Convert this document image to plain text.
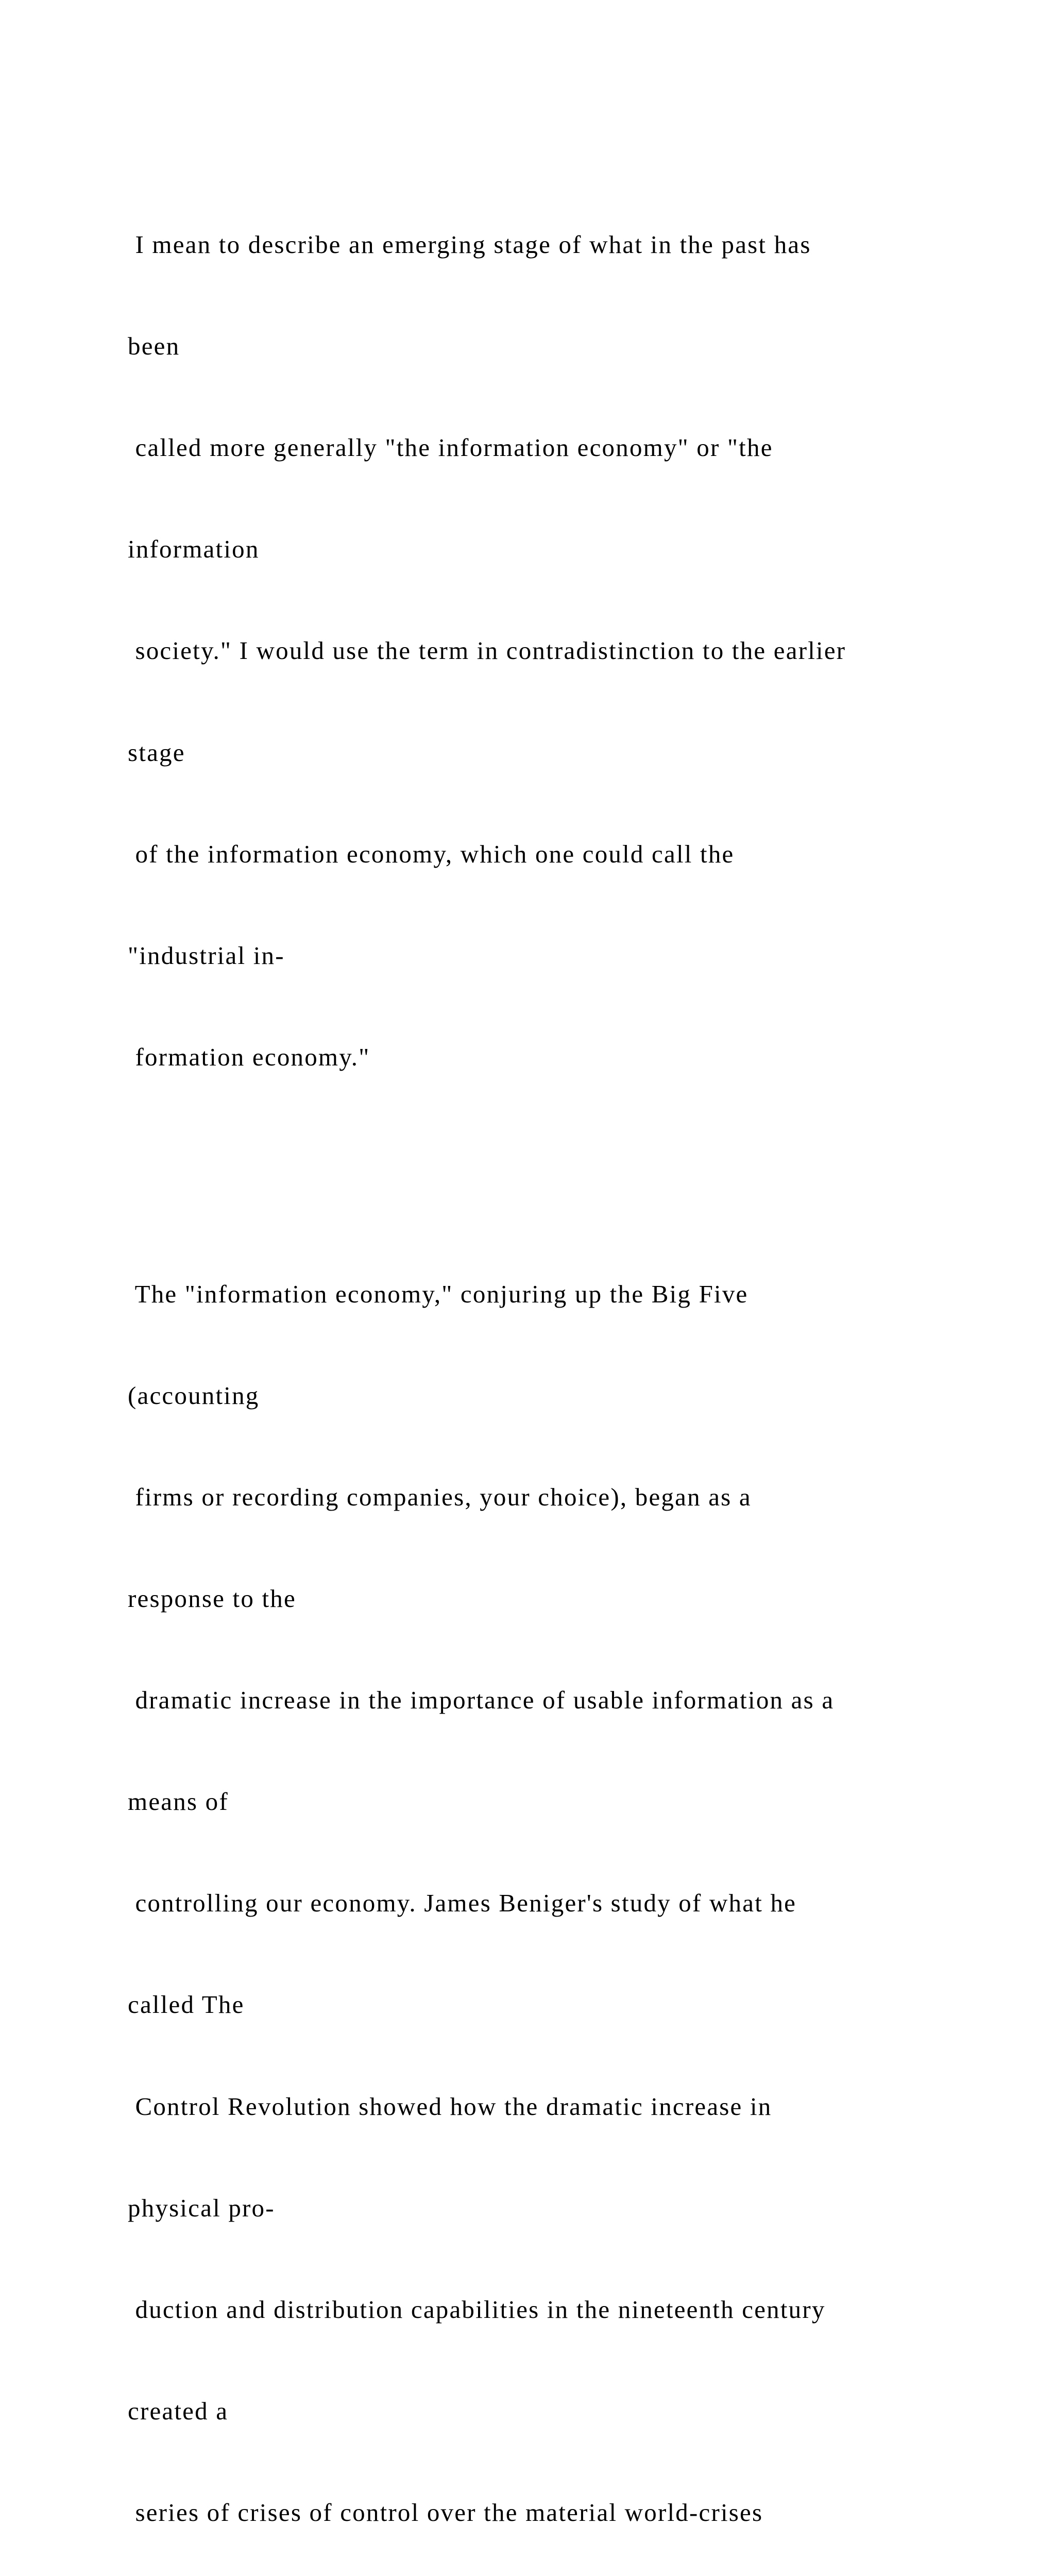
I mean to describe an emerging stage of what in the past has

been

called more generally "the information economy" or "the

information

society." I would use the term in contradistinction to the earlier

stage

of the information economy, which one could call the

"industrial in-

formation economy."

The "information economy," conjuring up the Big Five

(accounting

firms or recording companies, your choice), began as a

response to the

dramatic increase in the importance of usable information as a

means of

controlling our economy. James Beniger's study of what he

called The

Control Revolution showed how the dramatic increase in

physical pro-

duction and distribution capabilities in the nineteenth century

created a

series of crises of control over the material world-crises
